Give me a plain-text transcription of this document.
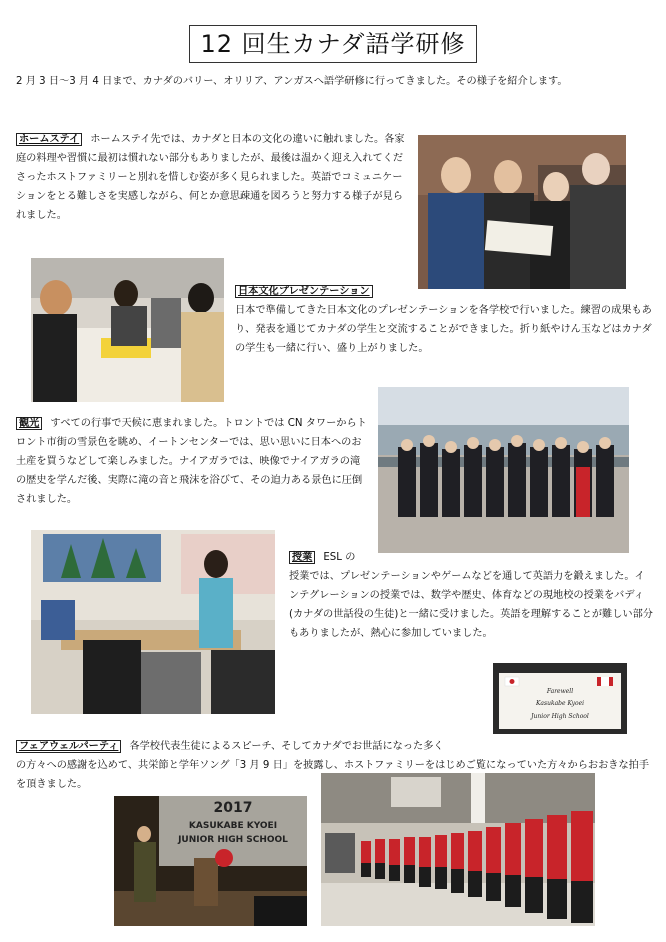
12 回生カナダ語学研修
2 月 3 日～3 月 4 日まで、カナダのバリー、オリリア、アンガスへ語学研修に行ってきました。その様子を紹介します。
ホームステイ ホームステイ先では、カナダと日本の文化の違いに触れました。各家庭の料理や習慣に最初は慣れない部分もありましたが、最後は温かく迎え入れてくださったホストファミリーと別れを惜しむ姿が多く見られました。英語でコミュニケーションをとる難しさを実感しながら、何とか意思疎通を図ろうと努力する様子が見られました。
日本文化プレゼンテーション
日本で準備してきた日本文化のプレゼンテーションを各学校で行いました。練習の成果もあり、発表を通じてカナダの学生と交流することができました。折り紙やけん玉などはカナダの学生も一緒に行い、盛り上がりました。
観光 すべての行事で天候に恵まれました。トロントでは CN タワーからトロント市街の雪景色を眺め、イートンセンターでは、思い思いに日本へのお土産を買うなどして楽しみました。ナイアガラでは、映像でナイアガラの滝の歴史を学んだ後、実際に滝の音と飛沫を浴びて、その迫力ある景色に圧倒されました。
授業 ESL の
授業では、プレゼンテーションやゲームなどを通して英語力を鍛えました。インテグレーションの授業では、数学や歴史、体育などの現地校の授業をバディ(カナダの世話役の生徒)と一緒に受けました。英語を理解することが難しい部分もありましたが、熱心に参加していました。
Farewell
Kasukabe Kyoei
Junior High School
フェアウェルパーティ 各学校代表生徒によるスピーチ、そしてカナダでお世話になった多く
の方々への感謝を込めて、共栄節と学年ソング「3 月 9 日」を披露し、ホストファミリーをはじめご覧になっていた方々からおおきな拍手を頂きました。
2017
KASUKABE KYOEI
JUNIOR HIGH SCHOOL
